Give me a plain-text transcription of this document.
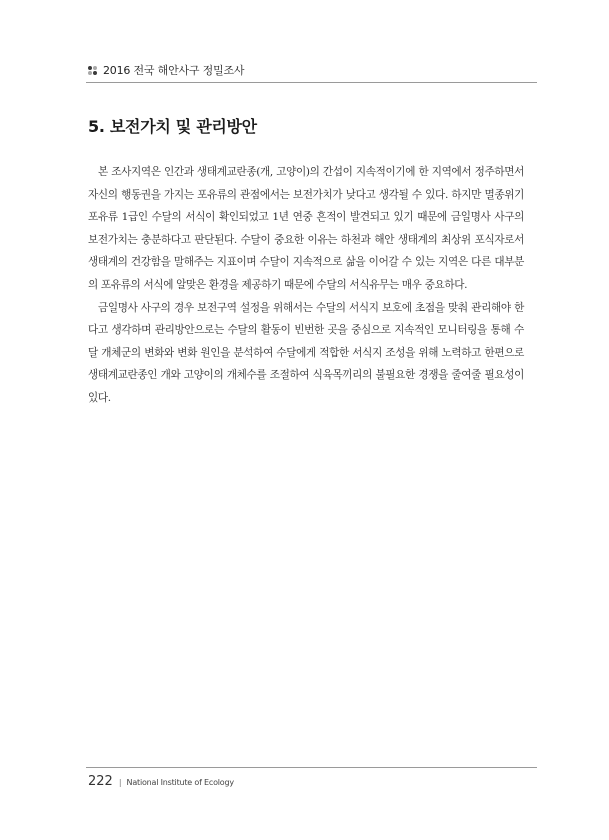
2016 전국 해안사구 정밀조사
5. 보전가치 및 관리방안

본 조사지역은 인간과 생태계교란종(개, 고양이)의 간섭이 지속적이기에 한 지역에서 정주하면서 자신의 행동권을 가지는 포유류의 관점에서는 보전가치가 낮다고 생각될 수 있다. 하지만 멸종위기포유류 1급인 수달의 서식이 확인되었고 1년 연중 흔적이 발견되고 있기 때문에 금일명사 사구의 보전가치는 충분하다고 판단된다. 수달이 중요한 이유는 하천과 해안 생태계의 최상위 포식자로서 생태계의 건강함을 말해주는 지표이며 수달이 지속적으로 삶을 이어갈 수 있는 지역은 다른 대부분의 포유류의 서식에 알맞은 환경을 제공하기 때문에 수달의 서식유무는 매우 중요하다.

금일명사 사구의 경우 보전구역 설정을 위해서는 수달의 서식지 보호에 초점을 맞춰 관리해야 한다고 생각하며 관리방안으로는 수달의 활동이 빈번한 곳을 중심으로 지속적인 모니터링을 통해 수달 개체군의 변화와 변화 원인을 분석하여 수달에게 적합한 서식지 조성을 위해 노력하고 한편으로 생태계교란종인 개와 고양이의 개체수를 조절하여 식육목끼리의 불필요한 경쟁을 줄여줄 필요성이 있다.

222 | National Institute of Ecology
